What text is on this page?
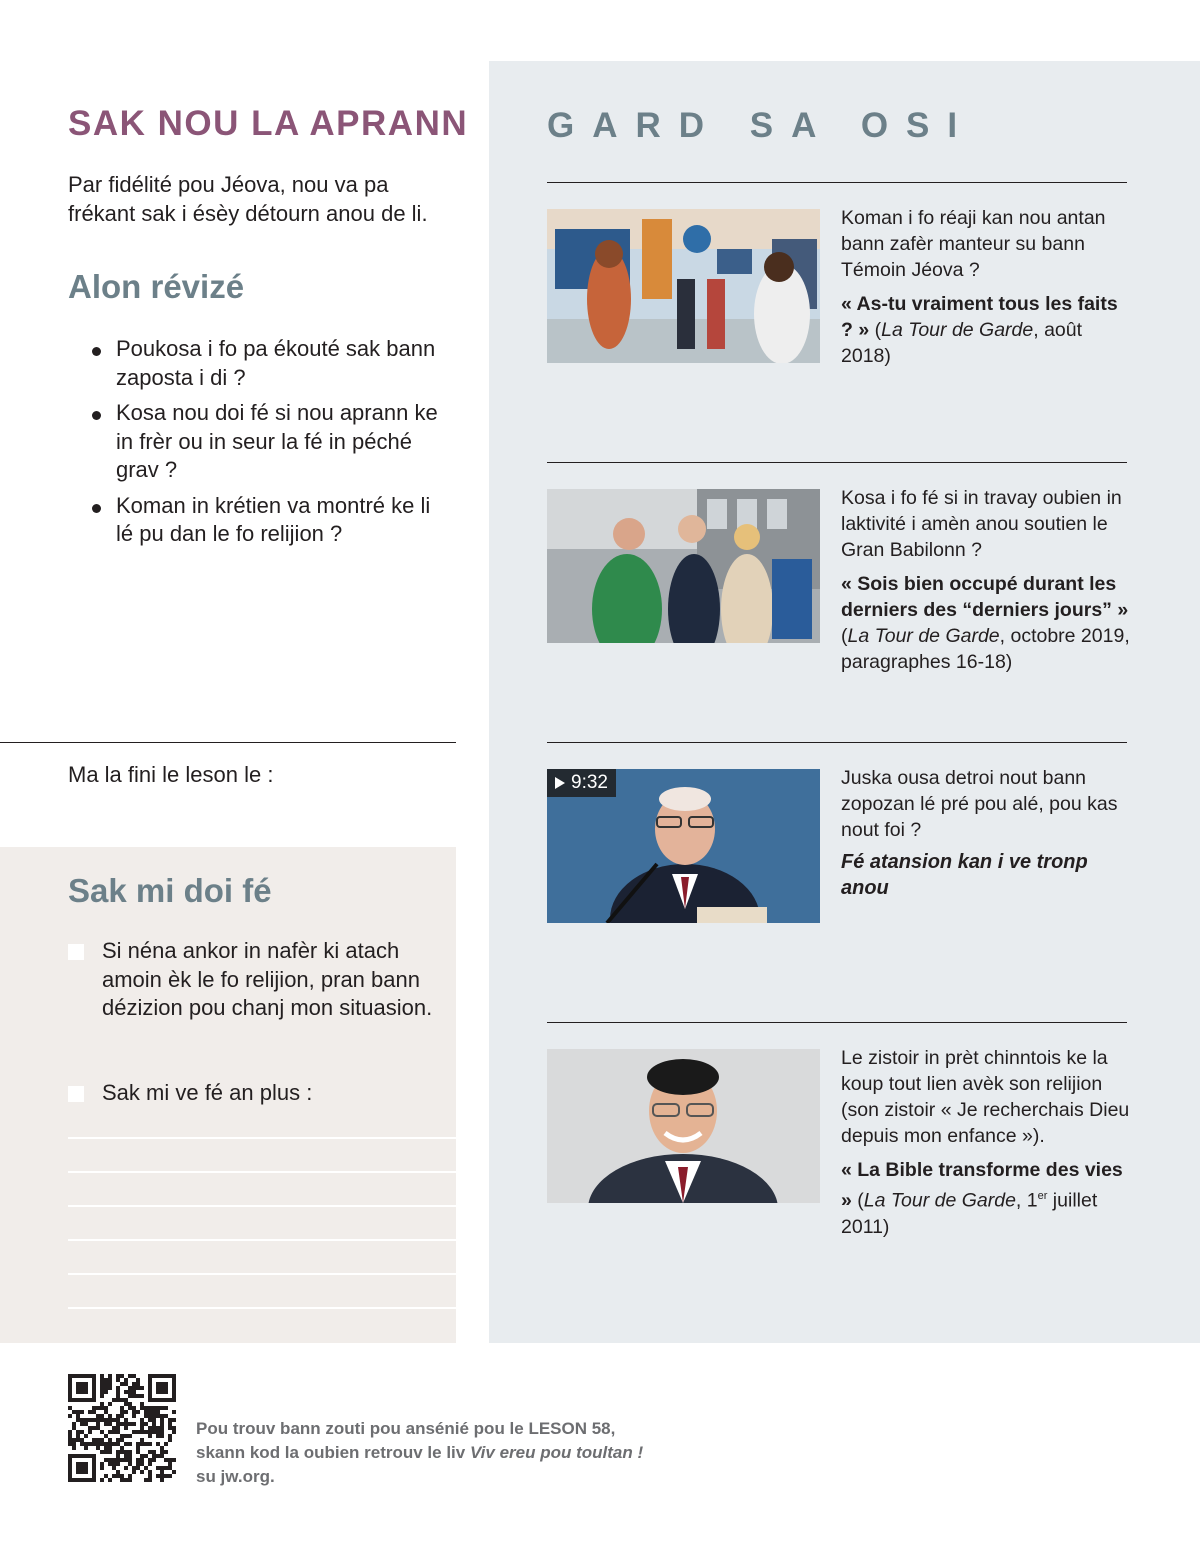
SAK NOU LA APRANN

Par fidélité pou Jéova, nou va pa frékant sak i ésèy détourn anou de li.

Alon révizé
Poukosa i fo pa ékouté sak bann zaposta i di ?
Kosa nou doi fé si nou aprann ke in frèr ou in seur la fé in péché grav ?
Koman in krétien va montré ke li lé pu dan le fo relijion ?

Ma la fini le leson le :

Sak mi doi fé
Si néna ankor in nafèr ki atach amoin èk le fo relijion, pran bann dézizion pou chanj mon situasion.
Sak mi ve fé an plus :
GARD SA OSI

Koman i fo réaji kan nou antan bann zafèr manteur su bann Témoin Jéova ?

« As-tu vraiment tous les faits ? » (La Tour de Garde, août 2018)

Kosa i fo fé si in travay oubien in laktivité i amèn anou soutien le Gran Babilonn ?

« Sois bien occupé durant les derniers des “derniers jours” » (La Tour de Garde, octobre 2019, paragraphes 16-18)

9:32	Juska ousa detroi nout bann zopozan lé pré pou alé, pou kas nout foi ?

Fé atansion kan i ve tronp anou

Le zistoir in prèt chinntois ke la koup tout lien avèk son relijion (son zistoir « Je recherchais Dieu depuis mon enfance »).

« La Bible transforme des vies » (La Tour de Garde, 1er juillet 2011)

Pou trouv bann zouti pou ansénié pou le LESON 58,
skann kod la oubien retrouv le liv Viv ereu pou toultan !
su jw.org.
